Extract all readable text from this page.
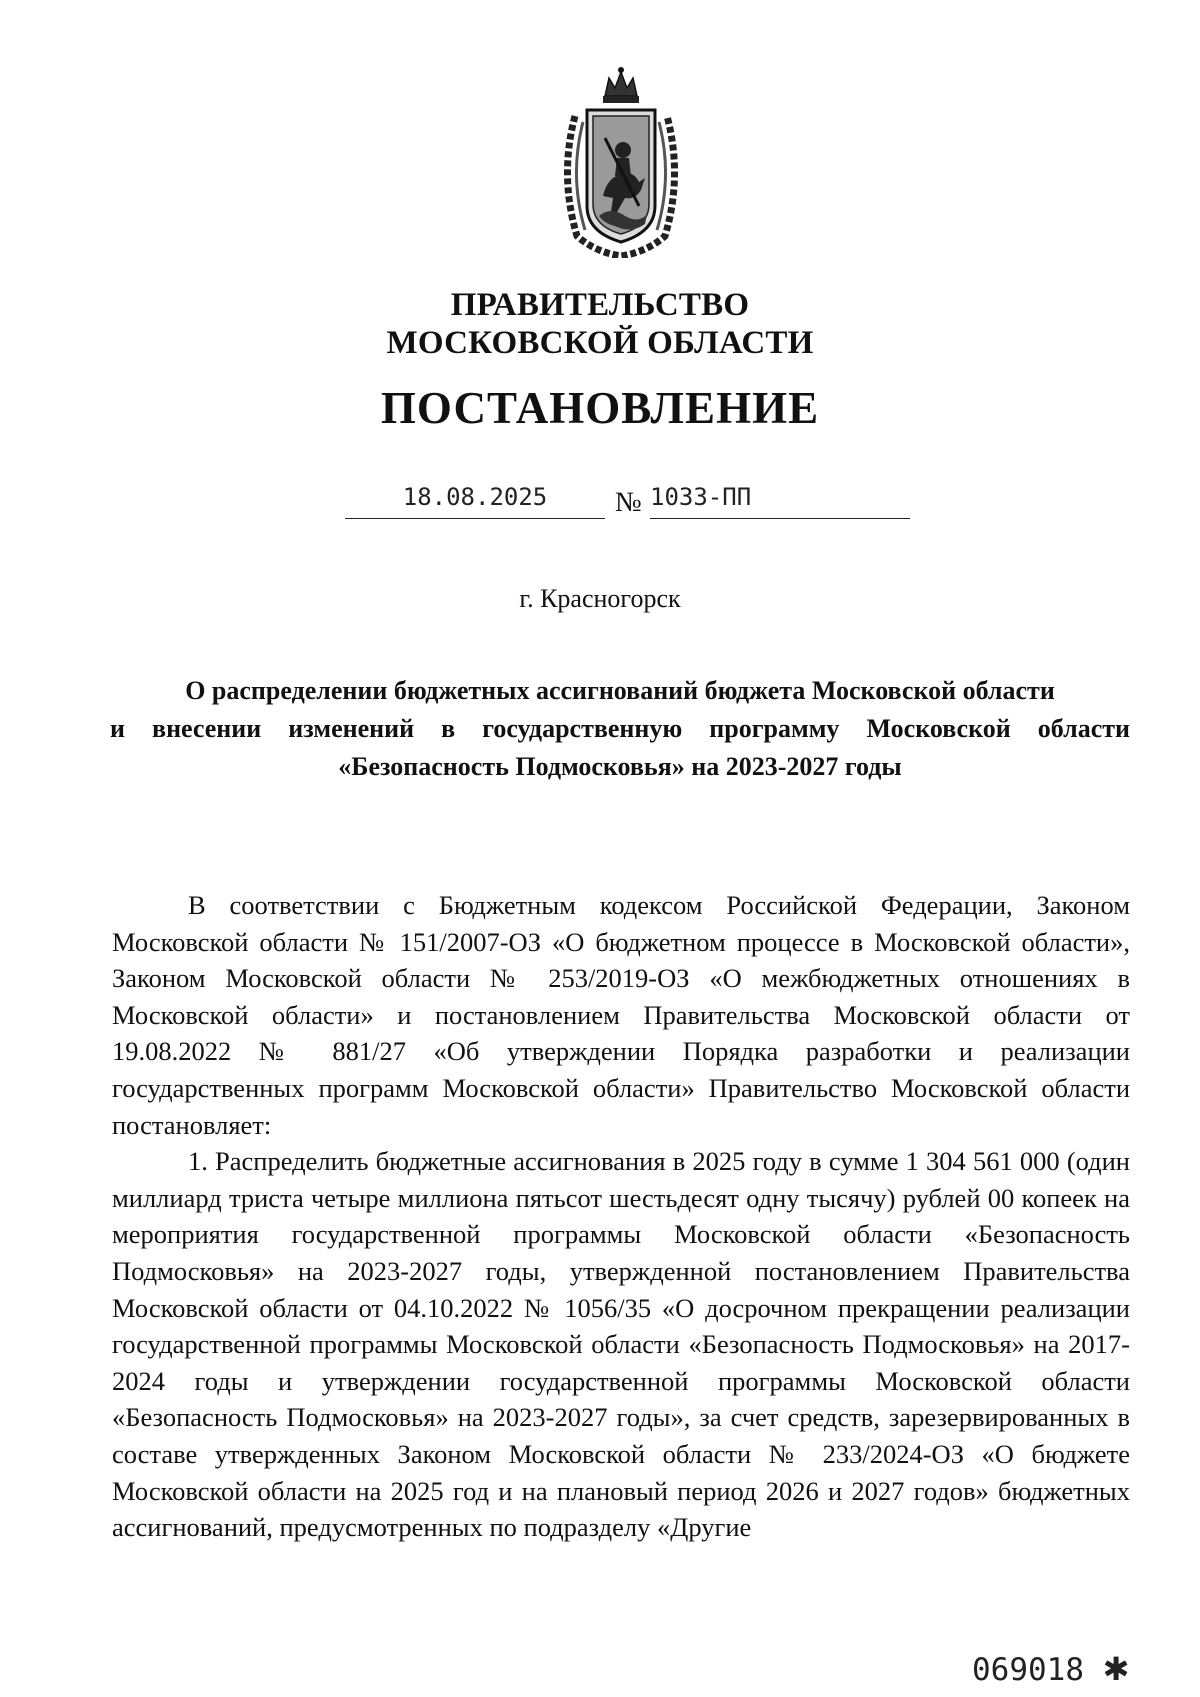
ПРАВИТЕЛЬСТВО
МОСКОВСКОЙ ОБЛАСТИ
ПОСТАНОВЛЕНИЕ
18.08.2025	№ 1033-ПП
г. Красногорск
О распределении бюджетных ассигнований бюджета Московской области
и внесении изменений в государственную программу Московской области
«Безопасность Подмосковья» на 2023-2027 годы

В соответствии с Бюджетным кодексом Российской Федерации, Законом Московской области № 151/2007-ОЗ «О бюджетном процессе в Московской области», Законом Московской области № 253/2019-ОЗ «О межбюджетных отношениях в Московской области» и постановлением Правительства Московской области от 19.08.2022 № 881/27 «Об утверждении Порядка разработки и реализации государственных программ Московской области» Правительство Московской области постановляет:

1. Распределить бюджетные ассигнования в 2025 году в сумме 1 304 561 000 (один миллиард триста четыре миллиона пятьсот шестьдесят одну тысячу) рублей 00 копеек на мероприятия государственной программы Московской области «Безопасность Подмосковья» на 2023-2027 годы, утвержденной постановлением Правительства Московской области от 04.10.2022 № 1056/35 «О досрочном прекращении реализации государственной программы Московской области «Безопасность Подмосковья» на 2017-2024 годы и утверждении государственной программы Московской области «Безопасность Подмосковья» на 2023-2027 годы», за счет средств, зарезервированных в составе утвержденных Законом Московской области № 233/2024-ОЗ «О бюджете Московской области на 2025 год и на плановый период 2026 и 2027 годов» бюджетных ассигнований, предусмотренных по подразделу «Другие

069018 ✱
